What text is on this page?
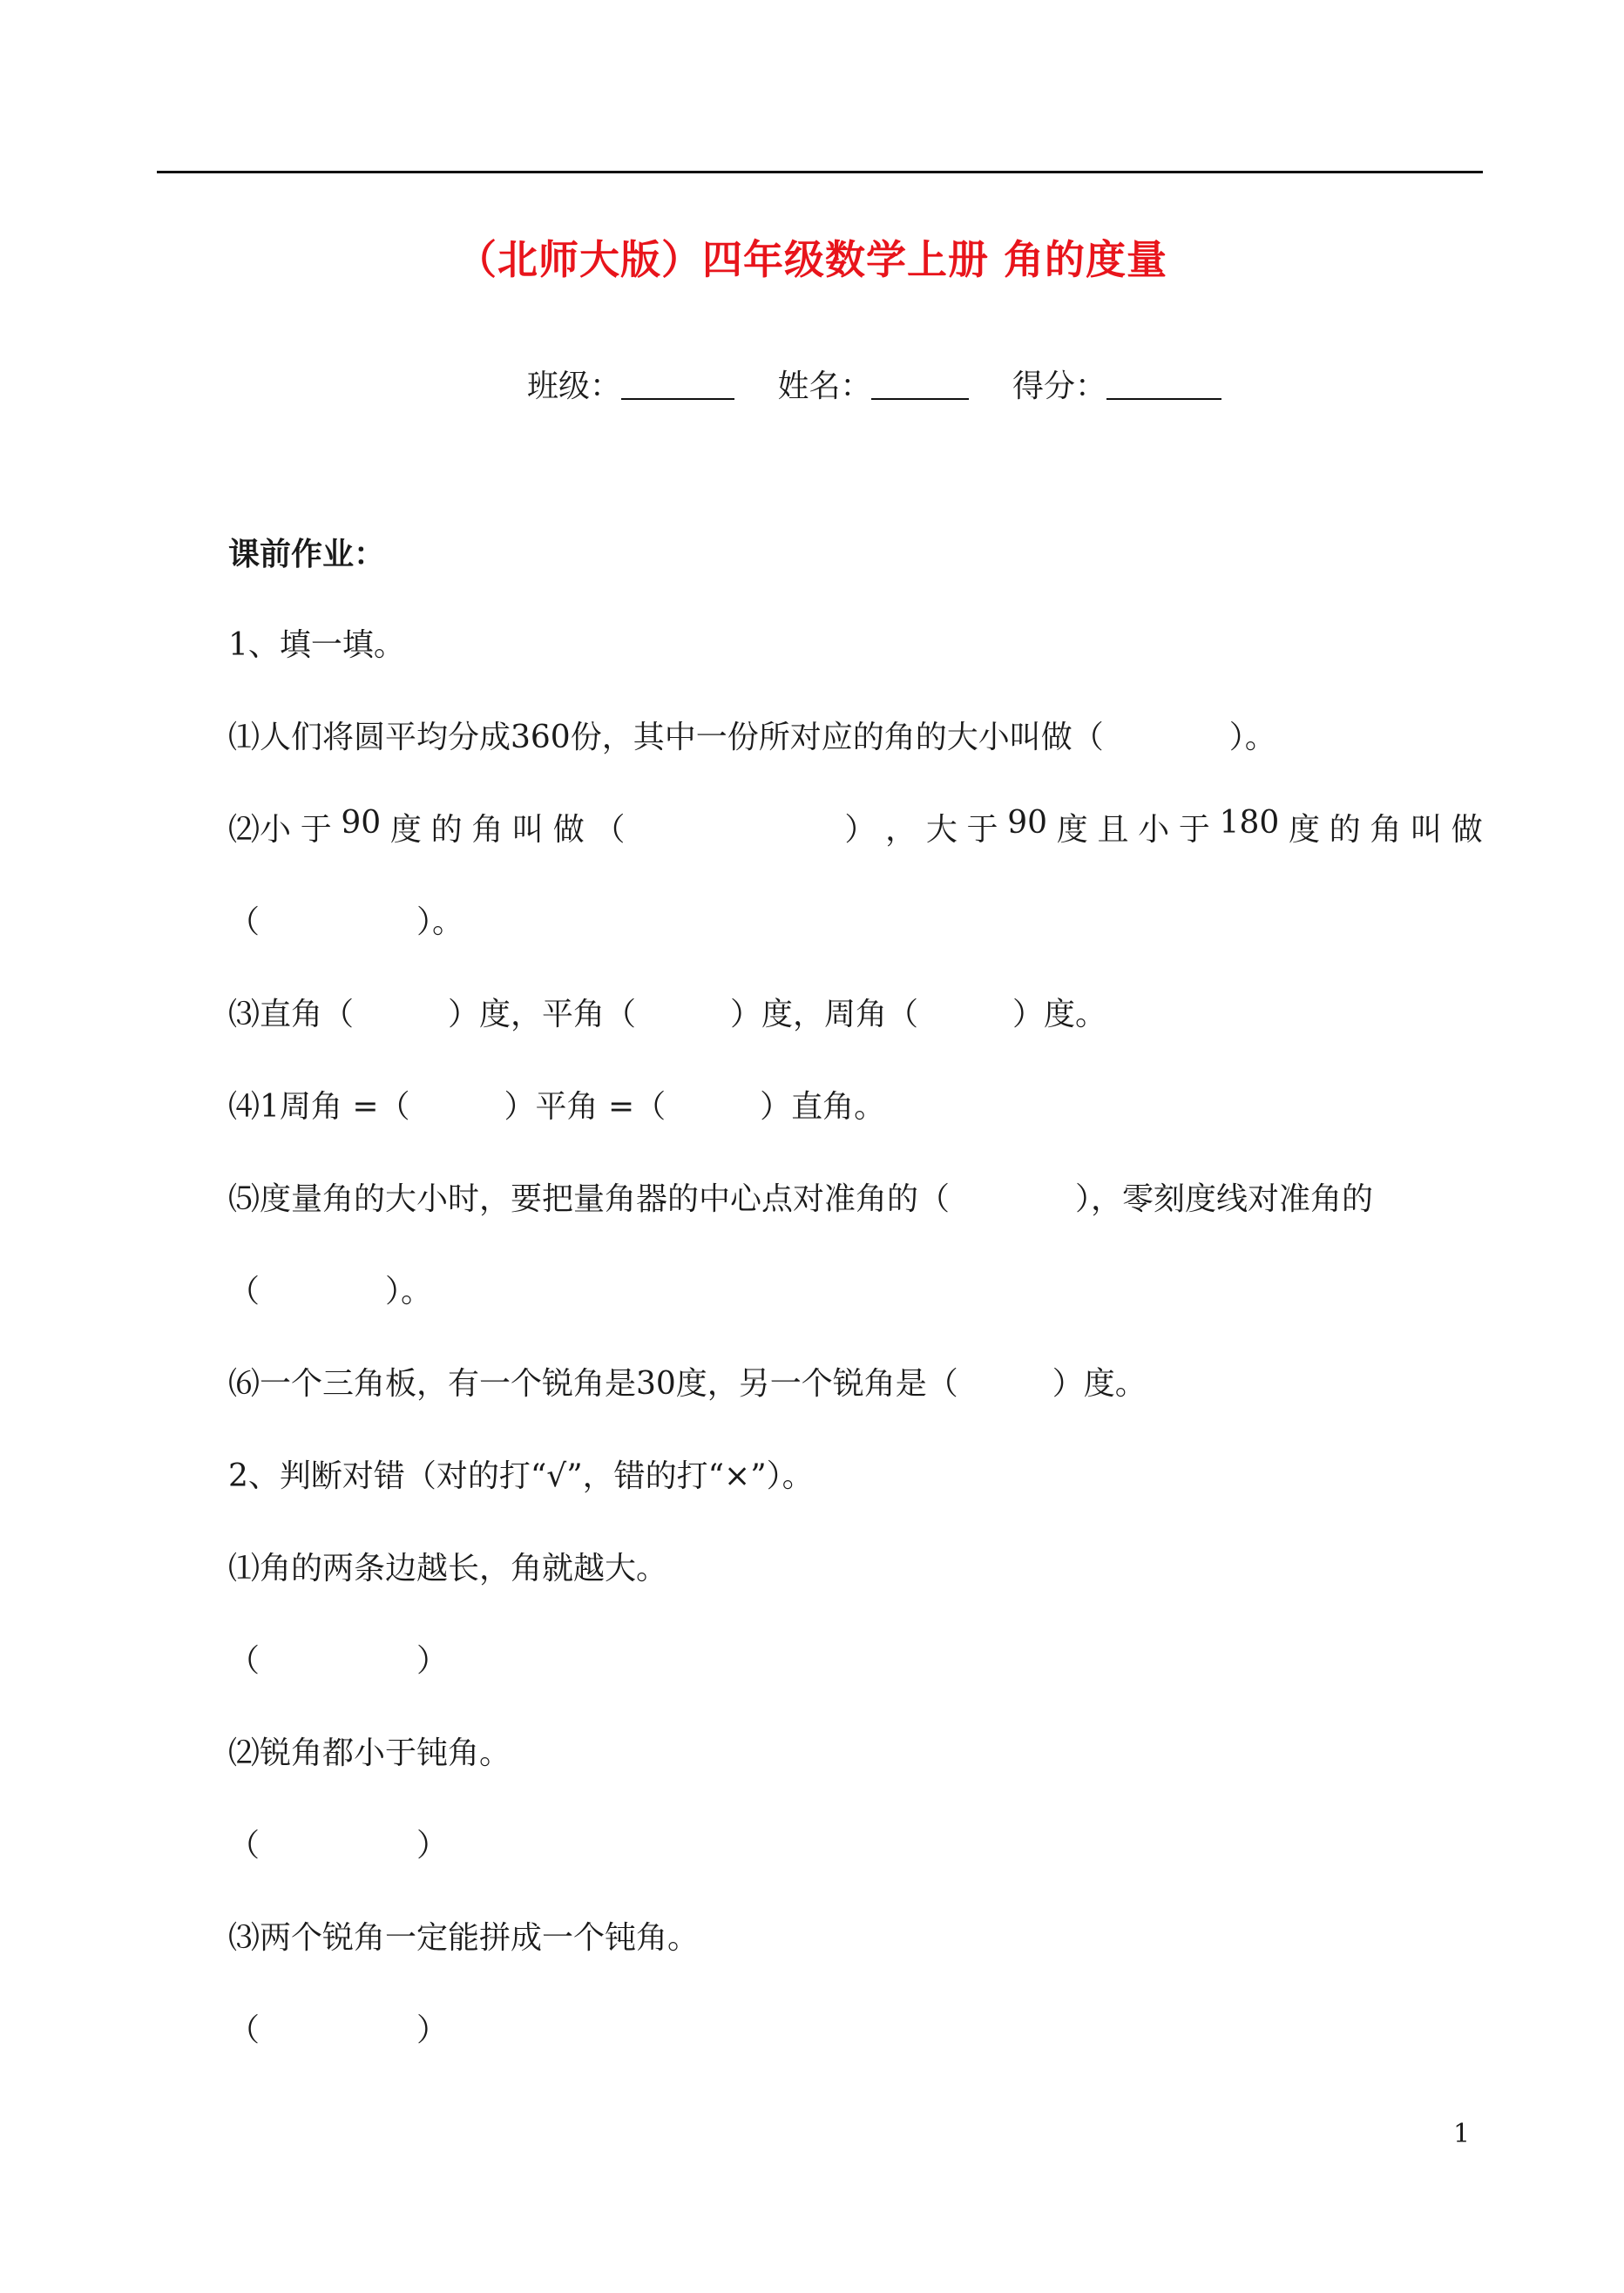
（北师大版）四年级数学上册 角的度量
班级：	姓名：	得分：
课前作业：
1、填一填。
⑴人们将圆平均分成360份，其中一份所对应的角的大小叫做（　　　　）。
⑵小 于 90 度 的 角 叫 做 （　　　　　　　） ， 大 于 90 度 且 小 于 180 度 的 角 叫 做
（　　　　　）。
⑶直角（　　　）度，平角（　　　）度，周角（　　　）度。
⑷1周角 =（　　　）平角 =（　　　）直角。
⑸度量角的大小时，要把量角器的中心点对准角的（　　　　），零刻度线对准角的
（　　　　）。
⑹一个三角板，有一个锐角是30度，另一个锐角是（　　　）度。
2、判断对错（对的打“√”，错的打“×”）。
⑴角的两条边越长，角就越大。
（　　　　　）
⑵锐角都小于钝角。
（　　　　　）
⑶两个锐角一定能拼成一个钝角。
（　　　　　）
1
